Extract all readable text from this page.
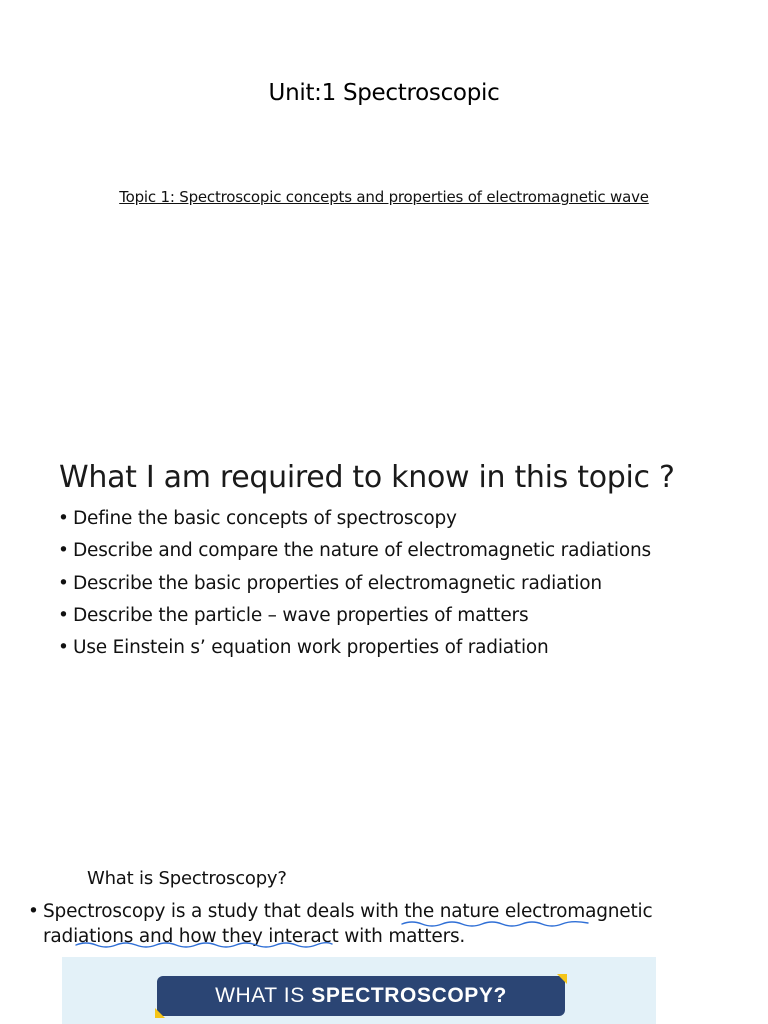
Unit:1 Spectroscopic
Topic 1: Spectroscopic concepts and properties of electromagnetic wave
What I am required to know in this topic ?
• Define the basic concepts of spectroscopy
• Describe and compare the nature of electromagnetic radiations
• Describe the basic properties of electromagnetic radiation
• Describe the particle – wave properties of matters
• Use Einstein s’ equation work properties of radiation
What is Spectroscopy?
• Spectroscopy is a study that deals with the nature electromagnetic
radiations and how they interact with matters.
WHAT IS SPECTROSCOPY?
